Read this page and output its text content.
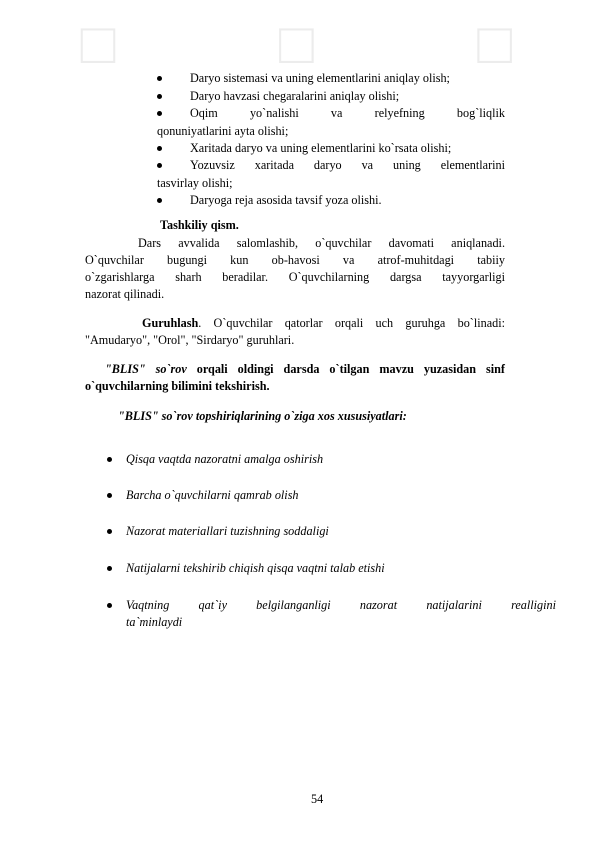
□	□	□
Daryo sistemasi va uning elementlarini aniqlay olish;
Daryo havzasi chegaralarini aniqlay olishi;
Oqim yo`nalishi va relyefning bog`liqlik
qonuniyatlarini ayta olishi;
Xaritada daryo va uning elementlarini ko`rsata olishi;
Yozuvsiz xaritada daryo va uning elementlarini
tasvirlay olishi;
Daryoga reja asosida tavsif yoza olishi.
Tashkiliy qism.
Dars avvalida salomlashib, o`quvchilar davomati aniqlanadi.
O`quvchilar bugungi kun ob-havosi va atrof-muhitdagi tabiiy
o`zgarishlarga sharh beradilar. O`quvchilarning dargsa tayyorgarligi
nazorat qilinadi.
Guruhlash. O`quvchilar qatorlar orqali uch guruhga bo`linadi:
"Amudaryo", "Orol", "Sirdaryo" guruhlari.
"BLIS" so`rov orqali oldingi darsda o`tilgan mavzu yuzasidan sinf
o`quvchilarning bilimini tekshirish.
"BLIS" so`rov topshiriqlarining o`ziga xos xususiyatlari:
Qisqa vaqtda nazoratni amalga oshirish
Barcha o`quvchilarni qamrab olish
Nazorat materiallari tuzishning soddaligi
Natijalarni tekshirib chiqish qisqa vaqtni talab etishi
Vaqtning qat`iy belgilanganligi nazorat natijalarini realligini
ta`minlaydi
54
